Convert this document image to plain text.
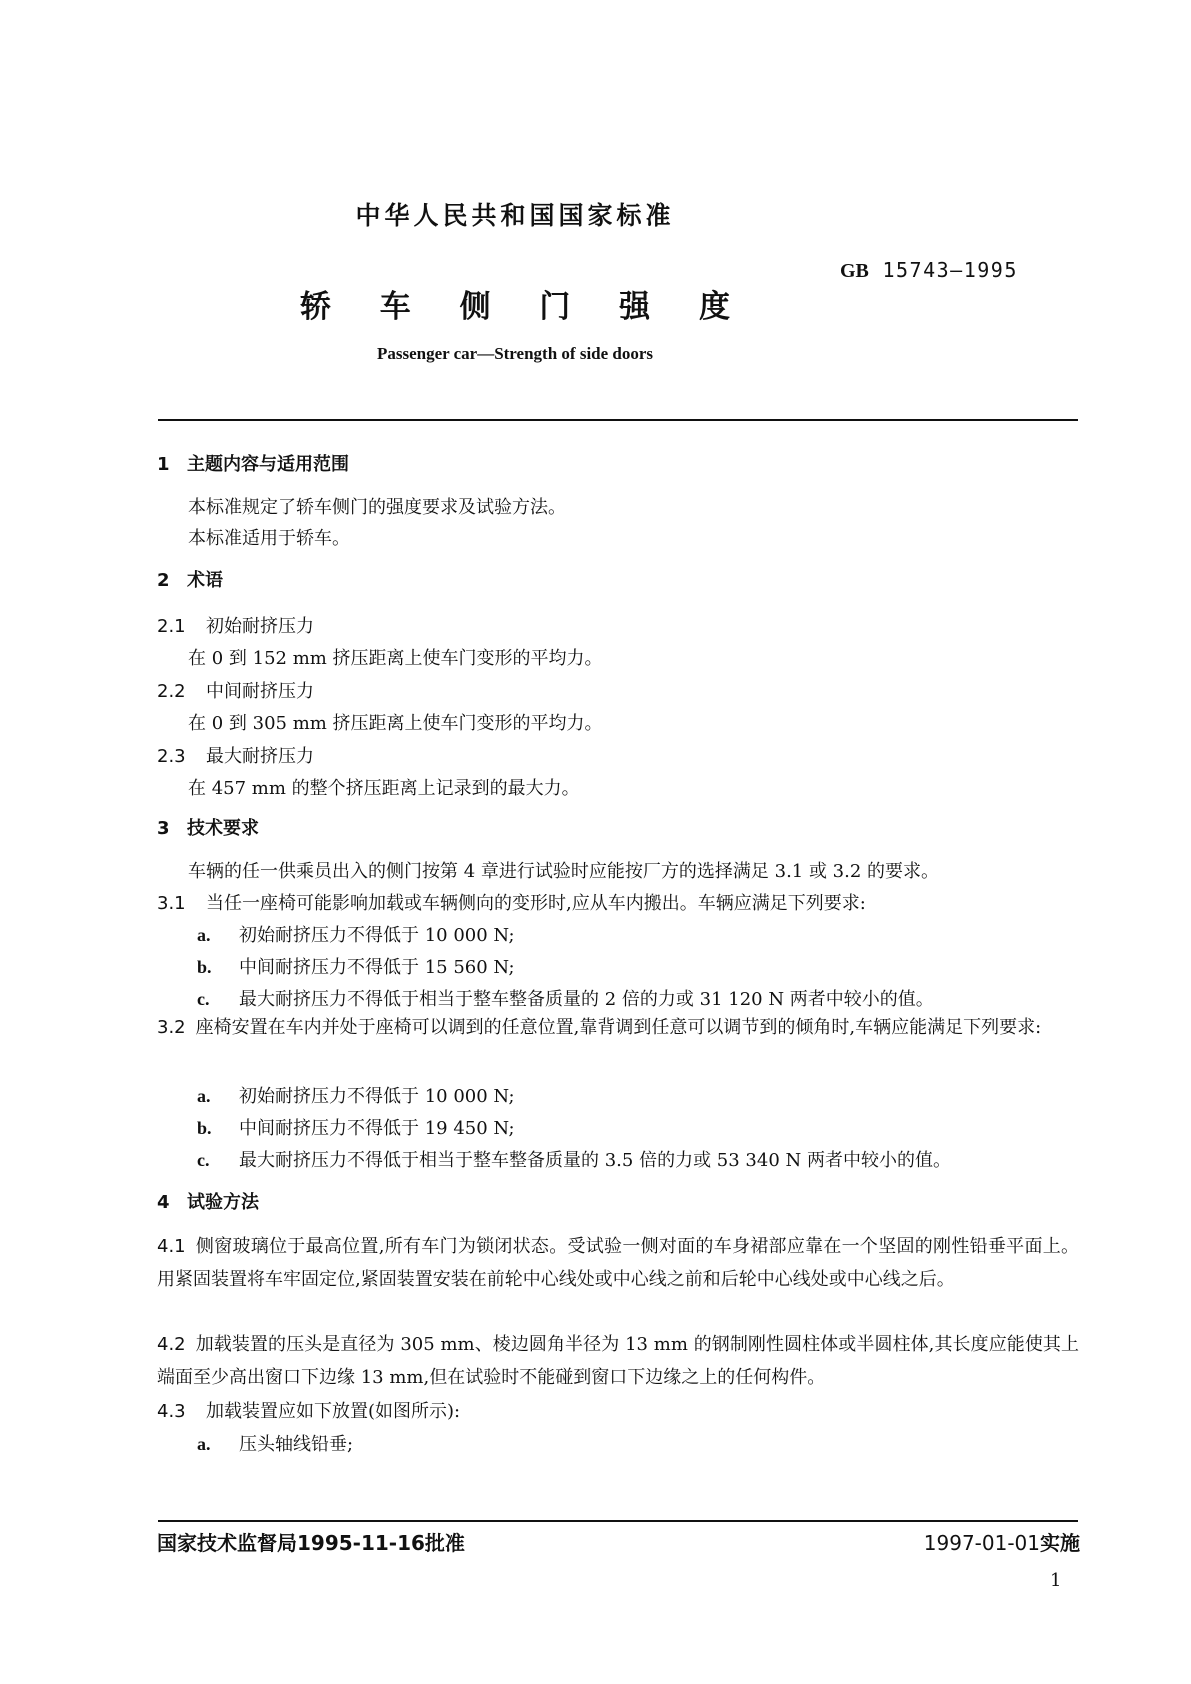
中华人民共和国国家标准
GB 15743—1995
轿 车 侧 门 强 度
Passenger car—Strength of side doors
1 主题内容与适用范围
本标准规定了轿车侧门的强度要求及试验方法。
本标准适用于轿车。
2 术语
2.1 初始耐挤压力
在 0 到 152 mm 挤压距离上使车门变形的平均力。
2.2 中间耐挤压力
在 0 到 305 mm 挤压距离上使车门变形的平均力。
2.3 最大耐挤压力
在 457 mm 的整个挤压距离上记录到的最大力。
3 技术要求
车辆的任一供乘员出入的侧门按第 4 章进行试验时应能按厂方的选择满足 3.1 或 3.2 的要求。
3.1 当任一座椅可能影响加载或车辆侧向的变形时,应从车内搬出。车辆应满足下列要求:
a. 初始耐挤压力不得低于 10 000 N;
b. 中间耐挤压力不得低于 15 560 N;
c. 最大耐挤压力不得低于相当于整车整备质量的 2 倍的力或 31 120 N 两者中较小的值。
3.2 座椅安置在车内并处于座椅可以调到的任意位置,靠背调到任意可以调节到的倾角时,车辆应能满足下列要求:
a. 初始耐挤压力不得低于 10 000 N;
b. 中间耐挤压力不得低于 19 450 N;
c. 最大耐挤压力不得低于相当于整车整备质量的 3.5 倍的力或 53 340 N 两者中较小的值。
4 试验方法
4.1 侧窗玻璃位于最高位置,所有车门为锁闭状态。受试验一侧对面的车身裙部应靠在一个坚固的刚性铅垂平面上。用紧固装置将车牢固定位,紧固装置安装在前轮中心线处或中心线之前和后轮中心线处或中心线之后。
4.2 加载装置的压头是直径为 305 mm、棱边圆角半径为 13 mm 的钢制刚性圆柱体或半圆柱体,其长度应能使其上端面至少高出窗口下边缘 13 mm,但在试验时不能碰到窗口下边缘之上的任何构件。
4.3 加载装置应如下放置(如图所示):
a. 压头轴线铅垂;
国家技术监督局1995-11-16批准	1997-01-01实施
1
